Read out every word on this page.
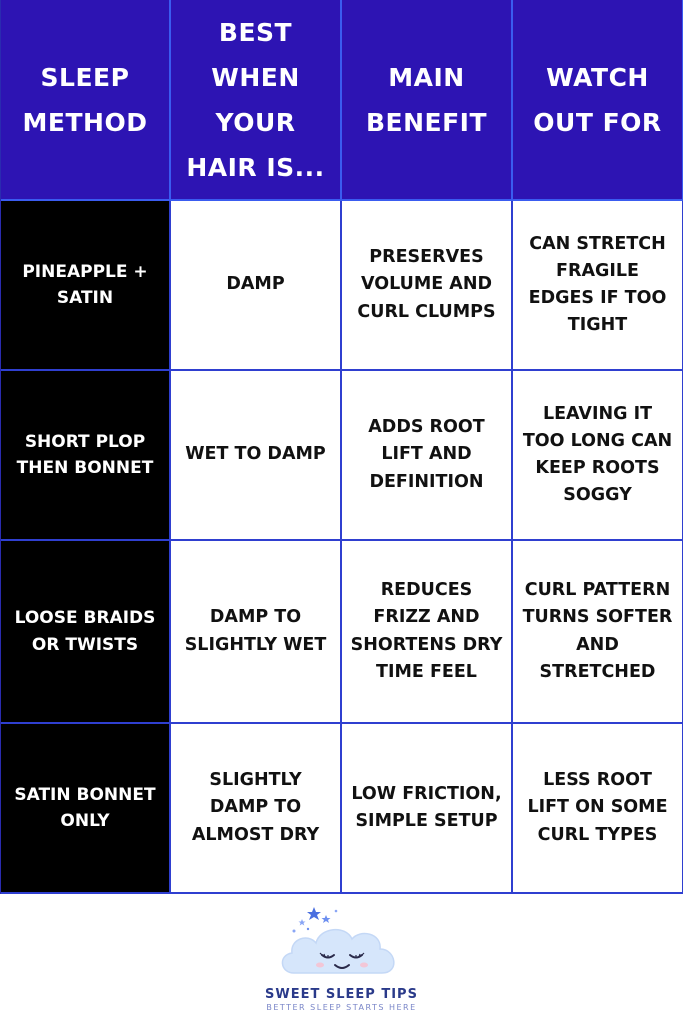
SLEEP METHOD
BEST WHEN YOUR HAIR IS...
MAIN BENEFIT
WATCH OUT FOR
PINEAPPLE + SATIN
DAMP
PRESERVES VOLUME AND CURL CLUMPS
CAN STRETCH FRAGILE EDGES IF TOO TIGHT
SHORT PLOP THEN BONNET
WET TO DAMP
ADDS ROOT LIFT AND DEFINITION
LEAVING IT TOO LONG CAN KEEP ROOTS SOGGY
LOOSE BRAIDS OR TWISTS
DAMP TO SLIGHTLY WET
REDUCES FRIZZ AND SHORTENS DRY TIME FEEL
CURL PATTERN TURNS SOFTER AND STRETCHED
SATIN BONNET ONLY
SLIGHTLY DAMP TO ALMOST DRY
LOW FRICTION, SIMPLE SETUP
LESS ROOT LIFT ON SOME CURL TYPES
SWEET SLEEP TIPS
BETTER SLEEP STARTS HERE
